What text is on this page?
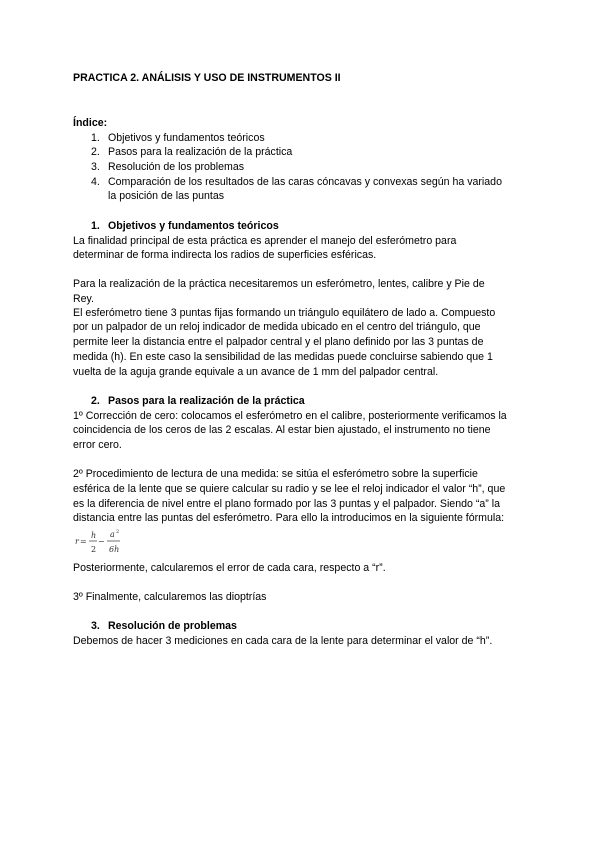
PRACTICA 2. ANÁLISIS Y USO DE INSTRUMENTOS II
Índice:
1. Objetivos y fundamentos teóricos
2. Pasos para la realización de la práctica
3. Resolución de los problemas
4. Comparación de los resultados de las caras cóncavas y convexas según ha variado
la posición de las puntas
1. Objetivos y fundamentos teóricos
La finalidad principal de esta práctica es aprender el manejo del esferómetro para
determinar de forma indirecta los radios de superficies esféricas.
Para la realización de la práctica necesitaremos un esferómetro, lentes, calibre y Pie de
Rey.
El esferómetro tiene 3 puntas fijas formando un triángulo equilátero de lado a. Compuesto
por un palpador de un reloj indicador de medida ubicado en el centro del triángulo, que
permite leer la distancia entre el palpador central y el plano definido por las 3 puntas de
medida (h). En este caso la sensibilidad de las medidas puede concluirse sabiendo que 1
vuelta de la aguja grande equivale a un avance de 1 mm del palpador central.
2. Pasos para la realización de la práctica
1º Corrección de cero: colocamos el esferómetro en el calibre, posteriormente verificamos la
coincidencia de los ceros de las 2 escalas. Al estar bien ajustado, el instrumento no tiene
error cero.
2º Procedimiento de lectura de una medida: se sitúa el esferómetro sobre la superficie
esférica de la lente que se quiere calcular su radio y se lee el reloj indicador el valor “h”, que
es la diferencia de nivel entre el plano formado por las 3 puntas y el palpador. Siendo “a” la
distancia entre las puntas del esferómetro. Para ello la introducimos en la siguiente fórmula:
r =
h
2
−
a 2
6h
Posteriormente, calcularemos el error de cada cara, respecto a “r”.
3º Finalmente, calcularemos las dioptrías
3. Resolución de problemas
Debemos de hacer 3 mediciones en cada cara de la lente para determinar el valor de “h”.
